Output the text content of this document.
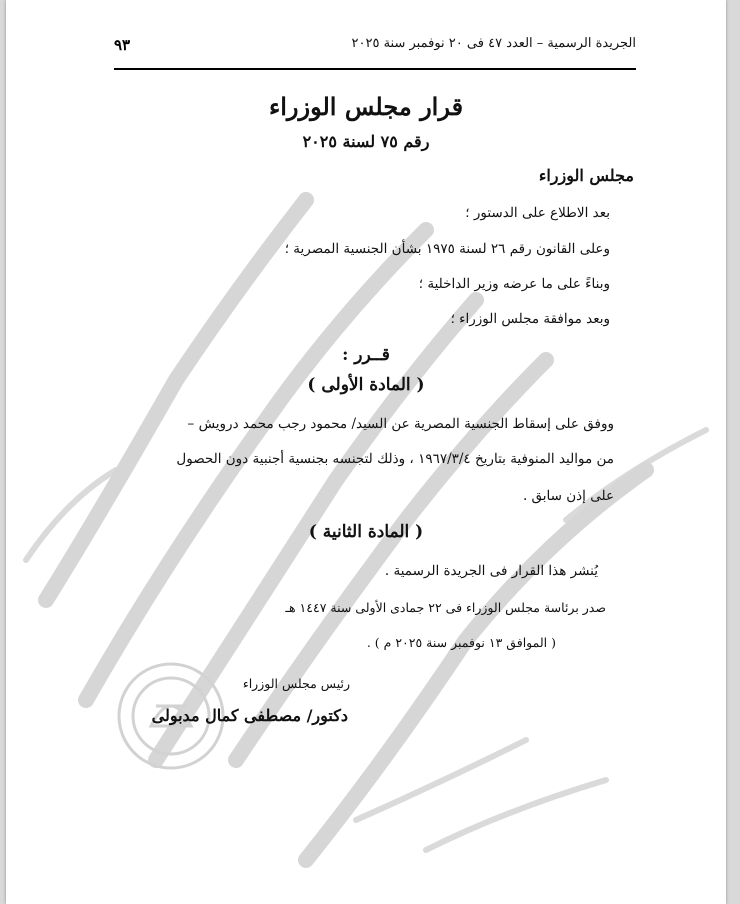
٩٣	الجريدة الرسمية – العدد ٤٧ فى ٢٠ نوفمبر سنة ٢٠٢٥
قرار مجلس الوزراء
رقم ٧٥ لسنة ٢٠٢٥
مجلس الوزراء
بعد الاطلاع على الدستور ؛
وعلى القانون رقم ٢٦ لسنة ١٩٧٥ بشأن الجنسية المصرية ؛
وبناءً على ما عرضه وزير الداخلية ؛
وبعد موافقة مجلس الوزراء ؛
قــرر :
( المادة الأولى )
ووفق على إسقاط الجنسية المصرية عن السيد/ محمود رجب محمد درويش –
من مواليد المنوفية بتاريخ ١٩٦٧/٣/٤ ، وذلك لتجنسه بجنسية أجنبية دون الحصول
على إذن سابق .
( المادة الثانية )
يُنشر هذا القرار فى الجريدة الرسمية .
صدر برئاسة مجلس الوزراء فى ٢٢ جمادى الأولى سنة ١٤٤٧ هـ
( الموافق ١٣ نوفمبر سنة ٢٠٢٥ م ) .
رئيس مجلس الوزراء
دكتور/ مصطفى كمال مدبولى
